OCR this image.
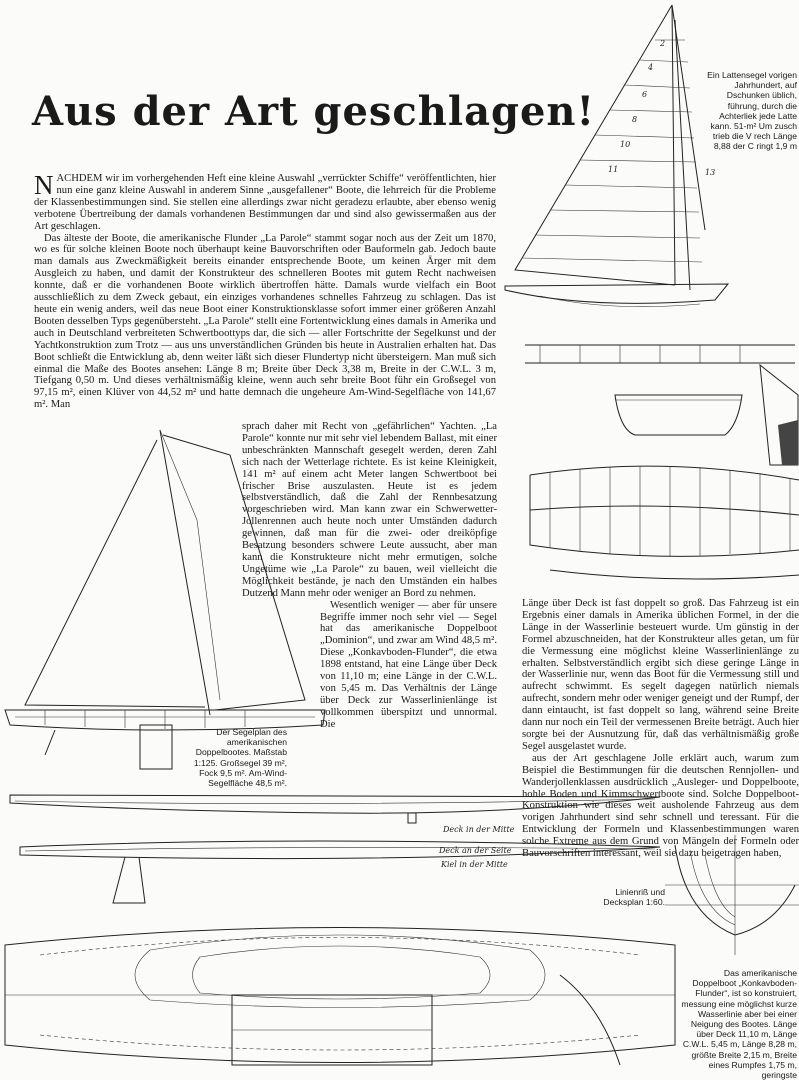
2
4
6
8
10
11	13
Ein Lattensegel vorigen Jahrhundert, auf Dschunken üblich, führung, durch die Achterliek jede Latte kann. 51-m² Um zusch trieb die V rech Länge 8,88 der C ringt 1,9 m
Aus der Art geschlagen!

NACHDEM wir im vorhergehenden Heft eine kleine Auswahl „verrückter Schiffe“ veröffentlichten, hier nun eine ganz kleine Auswahl in anderem Sinne „ausgefallener“ Boote, die lehrreich für die Probleme der Klassenbestimmungen sind. Sie stellen eine allerdings zwar nicht geradezu erlaubte, aber ebenso wenig verbotene Übertreibung der damals vorhandenen Bestimmungen dar und sind also gewissermaßen aus der Art geschlagen.

Das älteste der Boote, die amerikanische Flunder „La Parole“ stammt sogar noch aus der Zeit um 1870, wo es für solche kleinen Boote noch überhaupt keine Bauvorschriften oder Bauformeln gab. Jedoch baute man damals aus Zweckmäßigkeit bereits einander entsprechende Boote, um keinen Ärger mit dem Ausgleich zu haben, und damit der Konstrukteur des schnelleren Bootes mit gutem Recht nachweisen konnte, daß er die vorhandenen Boote wirklich übertroffen hätte. Damals wurde vielfach ein Boot ausschließlich zu dem Zweck gebaut, ein einziges vorhandenes schnelles Fahrzeug zu schlagen. Das ist heute ein wenig anders, weil das neue Boot einer Konstruktionsklasse sofort immer einer größeren Anzahl Booten desselben Typs gegenübersteht. „La Parole“ stellt eine Fortentwicklung eines damals in Amerika und auch in Deutschland verbreiteten Schwertboottyps dar, die sich — aller Fortschritte der Segelkunst und der Yachtkonstruktion zum Trotz — aus uns unverständlichen Gründen bis heute in Australien erhalten hat. Das Boot schließt die Entwicklung ab, denn weiter läßt sich dieser Flundertyp nicht übersteigern. Man muß sich einmal die Maße des Bootes ansehen: Länge 8 m; Breite über Deck 3,38 m, Breite in der C.W.L. 3 m, Tiefgang 0,50 m. Und dieses verhältnismäßig kleine, wenn auch sehr breite Boot führ ein Großsegel von 97,15 m², einen Klüver von 44,52 m² und hatte demnach die ungeheure Am-Wind-Segelfläche von 141,67 m². Man

Der Segelplan des amerikanischen Doppelbootes. Maßstab 1:125. Großsegel 39 m², Fock 9,5 m². Am-Wind-Segelfläche 48,5 m².

sprach daher mit Recht von „gefährlichen“ Yachten. „La Parole“ konnte nur mit sehr viel lebendem Ballast, mit einer unbeschränkten Mannschaft gesegelt werden, deren Zahl sich nach der Wetterlage richtete. Es ist keine Kleinigkeit, 141 m² auf einem acht Meter langen Schwertboot bei frischer Brise auszulasten. Heute ist es jedem selbstverständlich, daß die Zahl der Rennbesatzung vorgeschrieben wird. Man kann zwar ein Schwerwetter-Jollenrennen auch heute noch unter Umständen dadurch gewinnen, daß man für die zwei- oder dreiköpfige Besatzung besonders schwere Leute aussucht, aber man kann die Konstrukteure nicht mehr ermutigen, solche Ungetüme wie „La Parole“ zu bauen, weil vielleicht die Möglichkeit bestände, je nach den Umständen ein halbes Dutzend Mann mehr oder weniger an Bord zu nehmen.

Wesentlich weniger — aber für unsere Begriffe immer noch sehr viel — Segel hat das amerikanische Doppelboot „Dominion“, und zwar am Wind 48,5 m². Diese „Konkavboden-Flunder“, die etwa 1898 entstand, hat eine Länge über Deck von 11,10 m; eine Länge in der C.W.L. von 5,45 m. Das Verhältnis der Länge über Deck zur Wasserlinienlänge ist vollkommen überspitzt und unnormal. Die

Länge über Deck ist fast doppelt so groß. Das Fahrzeug ist ein Ergebnis einer damals in Amerika üblichen Formel, in der die Länge in der Wasserlinie besteuert wurde. Um günstig in der Formel abzuschneiden, hat der Konstrukteur alles getan, um für die Vermessung eine möglichst kleine Wasserlinienlänge zu erhalten. Selbstverständlich ergibt sich diese geringe Länge in der Wasserlinie nur, wenn das Boot für die Vermessung still und aufrecht schwimmt. Es segelt dagegen natürlich niemals aufrecht, sondern mehr oder weniger geneigt und der Rumpf, der dann eintaucht, ist fast doppelt so lang, während seine Breite dann nur noch ein Teil der vermessenen Breite beträgt. Auch hier sorgte bei der Ausnutzung für, daß das verhältnismäßig große Segel ausgelastet wurde.

aus der Art geschlagene Jolle erklärt auch, warum zum Beispiel die Bestimmungen für die deutschen Rennjollen- und Wanderjollenklassen ausdrücklich „Ausleger- und Doppelboote, hohle Boden und Kimmschwertboote sind. Solche Doppelboot-Konstruktion wie dieses weit ausholende Fahrzeug aus dem vorigen Jahrhundert sind sehr schnell und teressant. Für die Entwicklung der Formeln und Klassenbestimmungen waren solche Extreme aus dem Grund von Mängeln der Formeln oder Bauvorschriften interessant, weil sie dazu beigetragen haben,

Deck in der Mitte
Deck an der Seite
Kiel in der Mitte
Linienriß und Decksplan 1:60.
Das amerikanische Doppelboot „Konkavboden-Flunder“, ist so konstruiert, messung eine möglichst kurze Wasserlinie aber bei einer Neigung des Bootes. Länge über Deck 11,10 m, Länge C.W.L. 5,45 m, Länge 8,28 m, größte Breite 2,15 m, Breite eines Rumpfes 1,75 m, geringste
